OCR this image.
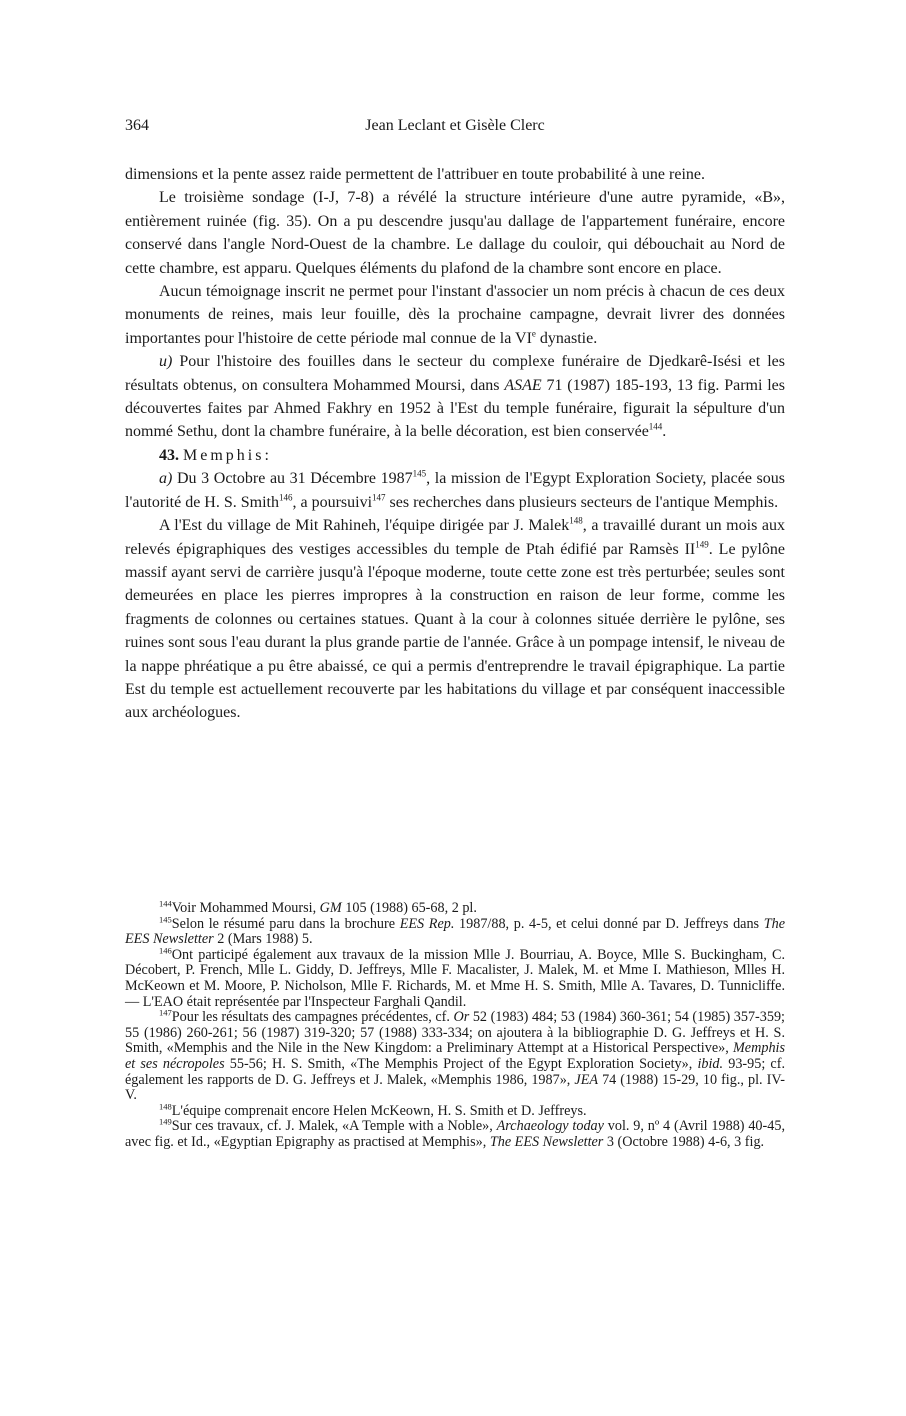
364	Jean Leclant et Gisèle Clerc

dimensions et la pente assez raide permettent de l'attribuer en toute probabilité à une reine.

Le troisième sondage (I-J, 7-8) a révélé la structure intérieure d'une autre pyramide, «B», entièrement ruinée (fig. 35). On a pu descendre jusqu'au dallage de l'appartement funéraire, encore conservé dans l'angle Nord-Ouest de la chambre. Le dallage du couloir, qui débouchait au Nord de cette chambre, est apparu. Quelques éléments du plafond de la chambre sont encore en place.

Aucun témoignage inscrit ne permet pour l'instant d'associer un nom précis à chacun de ces deux monuments de reines, mais leur fouille, dès la prochaine campagne, devrait livrer des données importantes pour l'histoire de cette période mal connue de la VIe dynastie.

u) Pour l'histoire des fouilles dans le secteur du complexe funéraire de Djedkarê-Isési et les résultats obtenus, on consultera Mohammed Moursi, dans ASAE 71 (1987) 185-193, 13 fig. Parmi les découvertes faites par Ahmed Fakhry en 1952 à l'Est du temple funéraire, figurait la sépulture d'un nommé Sethu, dont la chambre funéraire, à la belle décoration, est bien conservée$^{144}$.

43. Memphis:

a) Du 3 Octobre au 31 Décembre 1987$^{145}$, la mission de l'Egypt Exploration Society, placée sous l'autorité de H. S. Smith$^{146}$, a poursuivi$^{147}$ ses recherches dans plusieurs secteurs de l'antique Memphis.

A l'Est du village de Mit Rahineh, l'équipe dirigée par J. Malek$^{148}$, a travaillé durant un mois aux relevés épigraphiques des vestiges accessibles du temple de Ptah édifié par Ramsès II$^{149}$. Le pylône massif ayant servi de carrière jusqu'à l'époque moderne, toute cette zone est très perturbée; seules sont demeurées en place les pierres impropres à la construction en raison de leur forme, comme les fragments de colonnes ou certaines statues. Quant à la cour à colonnes située derrière le pylône, ses ruines sont sous l'eau durant la plus grande partie de l'année. Grâce à un pompage intensif, le niveau de la nappe phréatique a pu être abaissé, ce qui a permis d'entreprendre le travail épigraphique. La partie Est du temple est actuellement recouverte par les habitations du village et par conséquent inaccessible aux archéologues.

$^{144}$Voir Mohammed Moursi, GM 105 (1988) 65-68, 2 pl.

$^{145}$Selon le résumé paru dans la brochure EES Rep. 1987/88, p. 4-5, et celui donné par D. Jeffreys dans The EES Newsletter 2 (Mars 1988) 5.

$^{146}$Ont participé également aux travaux de la mission Mlle J. Bourriau, A. Boyce, Mlle S. Buckingham, C. Décobert, P. French, Mlle L. Giddy, D. Jeffreys, Mlle F. Macalister, J. Malek, M. et Mme I. Mathieson, Mlles H. McKeown et M. Moore, P. Nicholson, Mlle F. Richards, M. et Mme H. S. Smith, Mlle A. Tavares, D. Tunnicliffe. — L'EAO était représentée par l'Inspecteur Farghali Qandil.

$^{147}$Pour les résultats des campagnes précédentes, cf. Or 52 (1983) 484; 53 (1984) 360-361; 54 (1985) 357-359; 55 (1986) 260-261; 56 (1987) 319-320; 57 (1988) 333-334; on ajoutera à la bibliographie D. G. Jeffreys et H. S. Smith, «Memphis and the Nile in the New Kingdom: a Preliminary Attempt at a Historical Perspective», Memphis et ses nécropoles 55-56; H. S. Smith, «The Memphis Project of the Egypt Exploration Society», ibid. 93-95; cf. également les rapports de D. G. Jeffreys et J. Malek, «Memphis 1986, 1987», JEA 74 (1988) 15-29, 10 fig., pl. IV-V.

$^{148}$L'équipe comprenait encore Helen McKeown, H. S. Smith et D. Jeffreys.

$^{149}$Sur ces travaux, cf. J. Malek, «A Temple with a Noble», Archaeology today vol. 9, nº 4 (Avril 1988) 40-45, avec fig. et Id., «Egyptian Epigraphy as practised at Memphis», The EES Newsletter 3 (Octobre 1988) 4-6, 3 fig.
